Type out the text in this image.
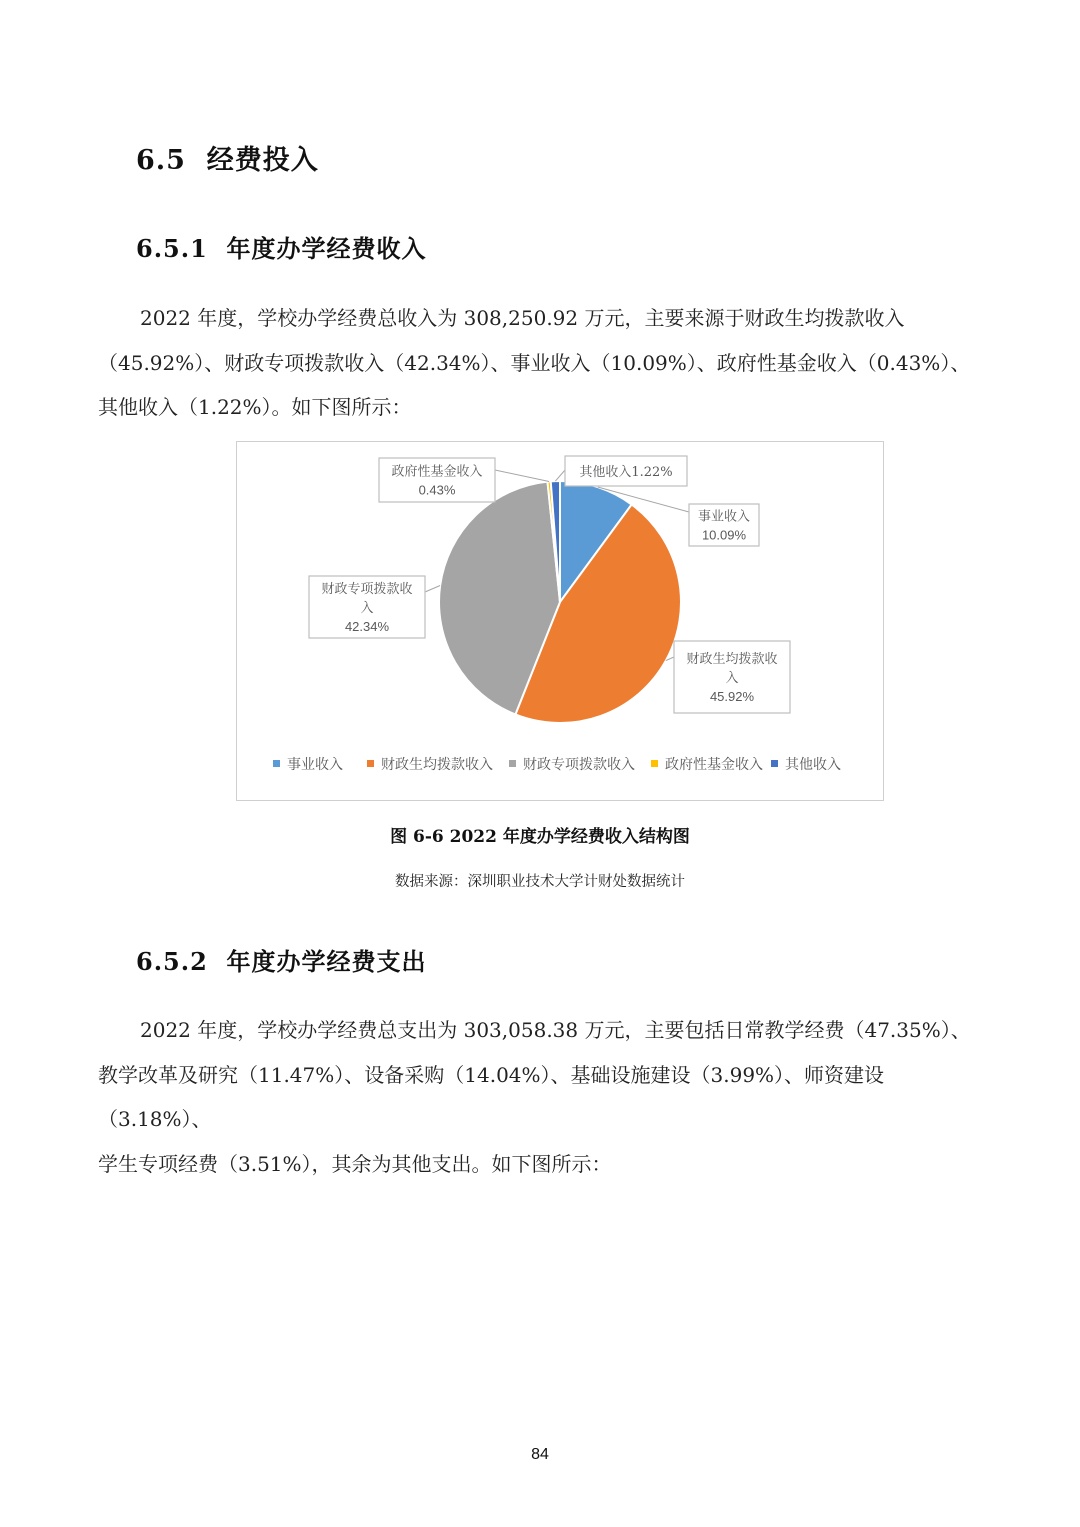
6.5 经费投入
6.5.1 年度办学经费收入
2022 年度，学校办学经费总收入为 308,250.92 万元，主要来源于财政生均拨款收入
（45.92%）、财政专项拨款收入（42.34%）、事业收入（10.09%）、政府性基金收入（0.43%）、
其他收入（1.22%）。如下图所示：
事业收入
10.09%
财政生均拨款收
入
45.92%
财政专项拨款收
入
42.34%
政府性基金收入
0.43%
其他收入1.22%
事业收入	财政生均拨款收入 财政专项拨款收入 政府性基金收入 其他收入
图 6-6 2022 年度办学经费收入结构图
数据来源：深圳职业技术大学计财处数据统计
6.5.2 年度办学经费支出
2022 年度，学校办学经费总支出为 303,058.38 万元，主要包括日常教学经费（47.35%）、
教学改革及研究（11.47%）、设备采购（14.04%）、基础设施建设（3.99%）、师资建设（3.18%）、
学生专项经费（3.51%），其余为其他支出。如下图所示：
84
